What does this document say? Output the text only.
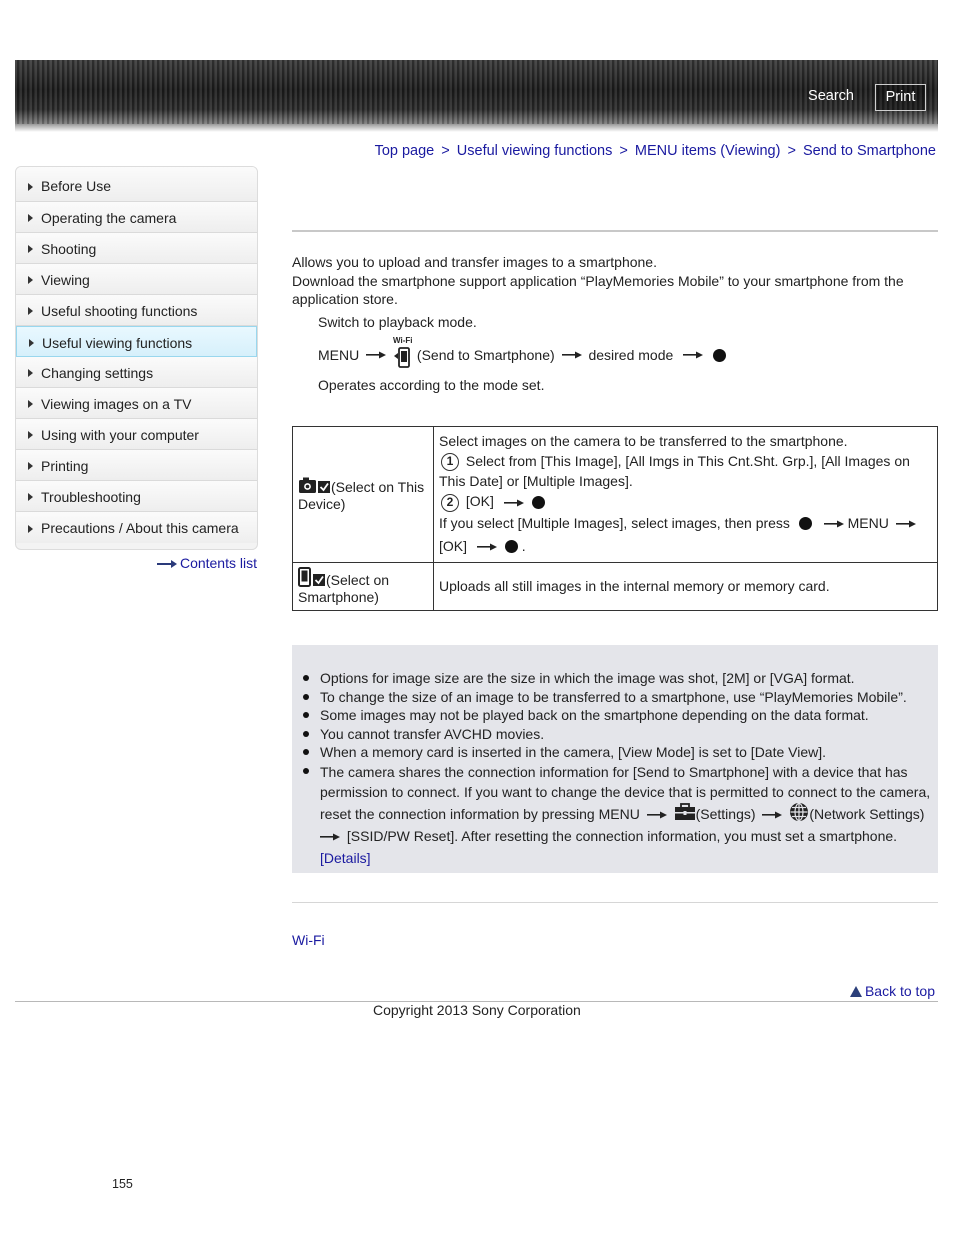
Search	Print
Top page > Useful viewing functions > MENU items (Viewing) > Send to Smartphone
Before Use
Operating the camera
Shooting
Viewing
Useful shooting functions
Useful viewing functions
Changing settings
Viewing images on a TV
Using with your computer
Printing
Troubleshooting
Precautions / About this camera
Contents list
Allows you to upload and transfer images to a smartphone.
Download the smartphone support application “PlayMemories Mobile” to your smartphone from the application store.
Switch to playback mode.
MENU
Wi-Fi
(Send to Smartphone) desired mode
Operates according to the mode set.
(Select on This Device)	Select images on the camera to be transferred to the smartphone.
1 Select from [This Image], [All Imgs in This Cnt.Sht. Grp.], [All Images on This Date] or [Multiple Images].
2 [OK]
If you select [Multiple Images], select images, then press MENU
[OK] .

(Select on Smartphone)	Uploads all still images in the internal memory or memory card.
Options for image size are the size in which the image was shot, [2M] or [VGA] format.
To change the size of an image to be transferred to a smartphone, use “PlayMemories Mobile”.
Some images may not be played back on the smartphone depending on the data format.
You cannot transfer AVCHD movies.
When a memory card is inserted in the camera, [View Mode] is set to [Date View].
The camera shares the connection information for [Send to Smartphone] with a device that has permission to connect. If you want to change the device that is permitted to connect to the camera, reset the connection information by pressing MENU	(Settings)	(Network Settings)
[SSID/PW Reset]. After resetting the connection information, you must set a smartphone.
[Details]
Wi-Fi
Back to top
Copyright 2013 Sony Corporation
155
